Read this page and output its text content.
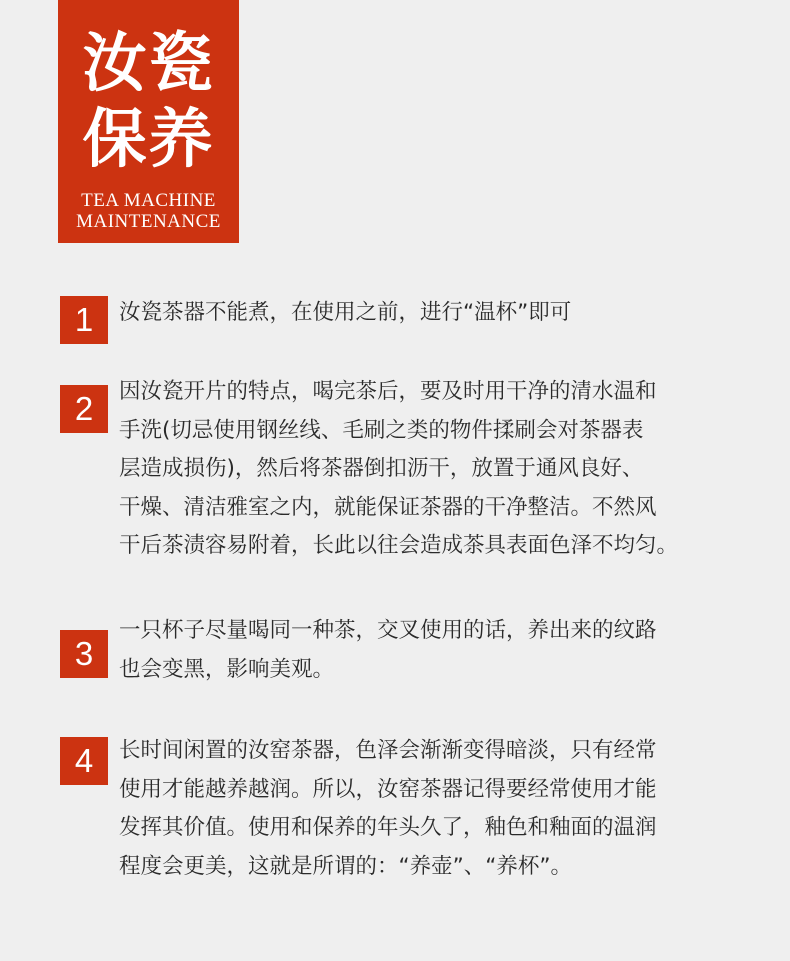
汝瓷
保养
TEA MACHINE
MAINTENANCE
1	汝瓷茶器不能煮，在使用之前，进行“温杯”即可

2	因汝瓷开片的特点，喝完茶后，要及时用干净的清水温和
手洗(切忌使用钢丝线、毛刷之类的物件揉刷会对茶器表
层造成损伤)，然后将茶器倒扣沥干，放置于通风良好、
干燥、清洁雅室之内，就能保证茶器的干净整洁。不然风
干后茶渍容易附着，长此以往会造成茶具表面色泽不均匀。

3

一只杯子尽量喝同一种茶，交叉使用的话，养出来的纹路
也会变黑，影响美观。

4	长时间闲置的汝窑茶器，色泽会渐渐变得暗淡，只有经常
使用才能越养越润。所以，汝窑茶器记得要经常使用才能
发挥其价值。使用和保养的年头久了，釉色和釉面的温润
程度会更美，这就是所谓的：“养壶”、“养杯”。
